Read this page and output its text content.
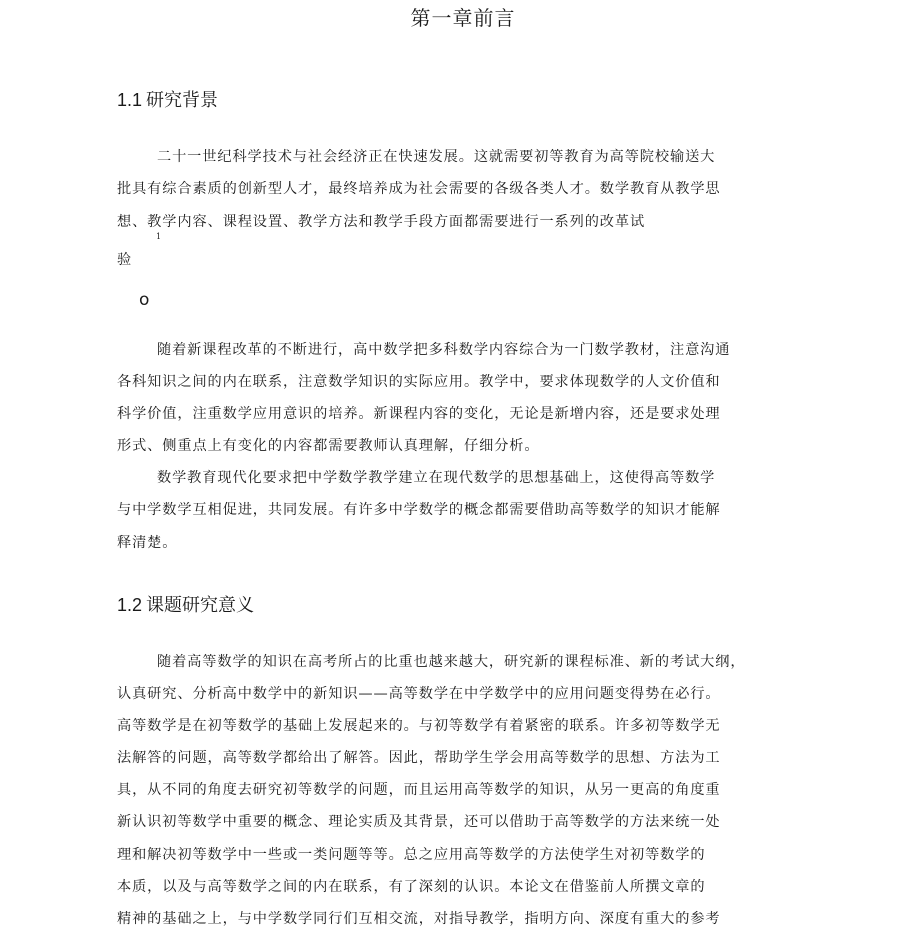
第一章前言
1.1 研究背景
二十一世纪科学技术与社会经济正在快速发展。这就需要初等教育为高等院校输送大
批具有综合素质的创新型人才，最终培养成为社会需要的各级各类人才。数学教育从教学思
想、教学内容、课程设置、教学方法和教学手段方面都需要进行一系列的改革试
1
验
o
随着新课程改革的不断进行，高中数学把多科数学内容综合为一门数学教材，注意沟通
各科知识之间的内在联系，注意数学知识的实际应用。教学中，要求体现数学的人文价值和
科学价值，注重数学应用意识的培养。新课程内容的变化，无论是新增内容，还是要求处理
形式、侧重点上有变化的内容都需要教师认真理解，仔细分析。
数学教育现代化要求把中学数学教学建立在现代数学的思想基础上，这使得高等数学
与中学数学互相促进，共同发展。有许多中学数学的概念都需要借助高等数学的知识才能解
释清楚。
1.2 课题研究意义
随着高等数学的知识在高考所占的比重也越来越大，研究新的课程标准、新的考试大纲，
认真研究、分析高中数学中的新知识——高等数学在中学数学中的应用问题变得势在必行。
高等数学是在初等数学的基础上发展起来的。与初等数学有着紧密的联系。许多初等数学无
法解答的问题，高等数学都给出了解答。因此，帮助学生学会用高等数学的思想、方法为工
具，从不同的角度去研究初等数学的问题，而且运用高等数学的知识，从另一更高的角度重
新认识初等数学中重要的概念、理论实质及其背景，还可以借助于高等数学的方法来统一处
理和解决初等数学中一些或一类问题等等。总之应用高等数学的方法使学生对初等数学的
本质，以及与高等数学之间的内在联系，有了深刻的认识。本论文在借鉴前人所撰文章的
精神的基础之上，与中学数学同行们互相交流，对指导教学，指明方向、深度有重大的参考
